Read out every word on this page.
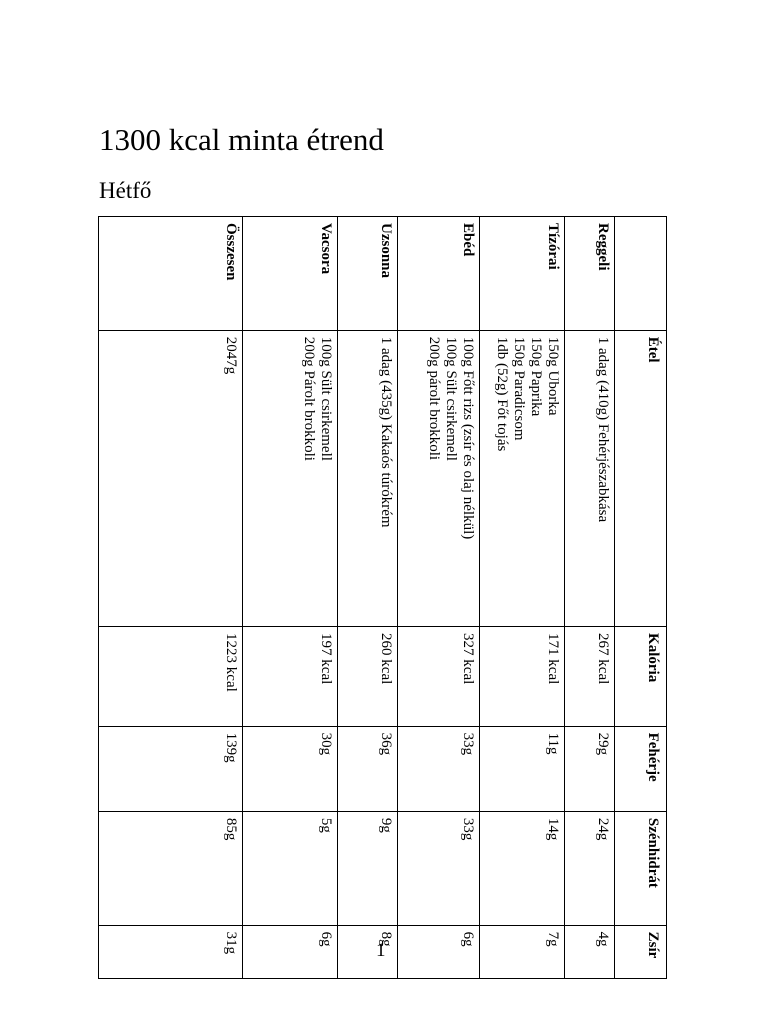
1300 kcal minta étrend
Hétfő
	Étel	Kalória	Fehérje	Szénhidrát	Zsír
Reggeli	1 adag (410g) Fehérjészabkása	267 kcal	29g	24g	4g
Tízórai	150g Uborka
150g Paprika
150g Paradicsom
1db (52g) Főt tojás	171 kcal	11g	14g	7g
Ebéd	100g Főtt rizs (zsír és olaj nélkül)
100g Sült csirkemell
200g párolt brokkoli	327 kcal	33g	33g	6g
Uzsonna	1 adag (435g) Kakaós túrókrém	260 kcal	36g	9g	8g
Vacsora	100g Sült csirkemell
200g Párolt brokkoli	197 kcal	30g	5g	6g
Összesen	2047g	1223 kcal	139g	85g	31g	1
